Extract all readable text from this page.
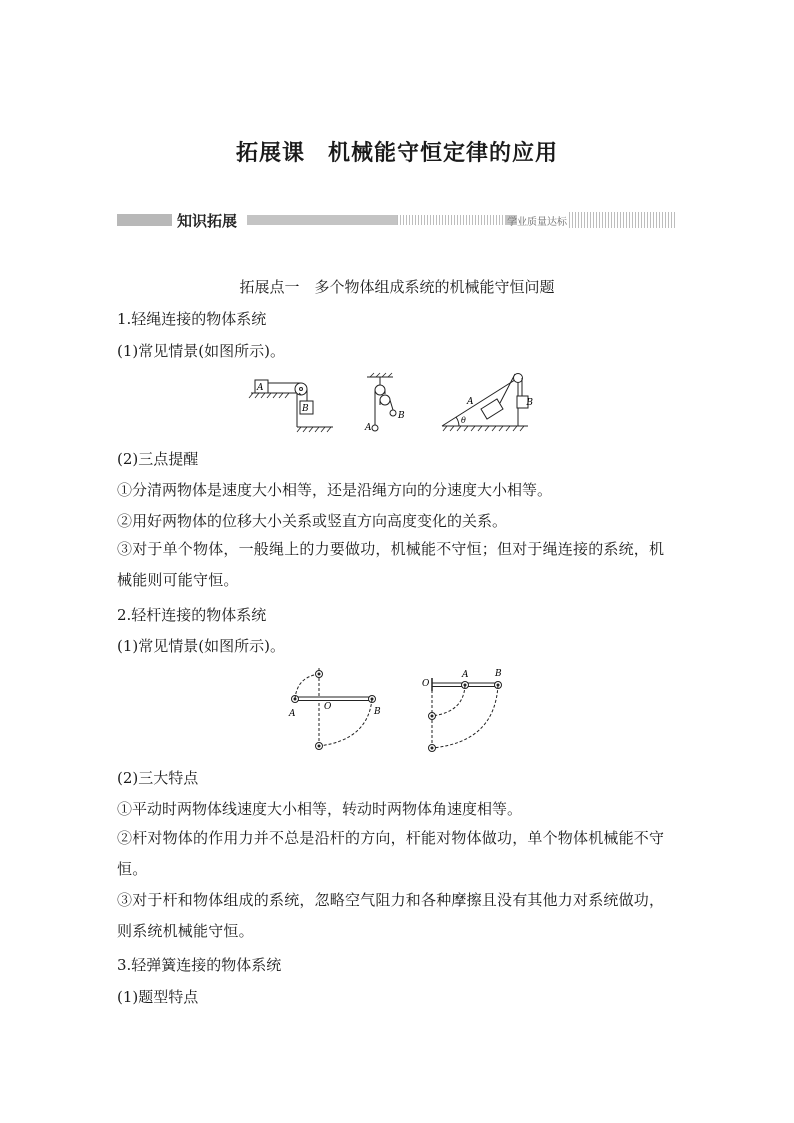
拓展课　机械能守恒定律的应用
知识拓展	学业质量达标
拓展点一　多个物体组成系统的机械能守恒问题
1.轻绳连接的物体系统
(1)常见情景(如图所示)。
A
B
A
B
A	B
θ
(2)三点提醒
①分清两物体是速度大小相等，还是沿绳方向的分速度大小相等。
②用好两物体的位移大小关系或竖直方向高度变化的关系。
③对于单个物体，一般绳上的力要做功，机械能不守恒；但对于绳连接的系统，机械能则可能守恒。
2.轻杆连接的物体系统
(1)常见情景(如图所示)。
A
O	B
O
A	B
(2)三大特点
①平动时两物体线速度大小相等，转动时两物体角速度相等。
②杆对物体的作用力并不总是沿杆的方向，杆能对物体做功，单个物体机械能不守恒。
③对于杆和物体组成的系统，忽略空气阻力和各种摩擦且没有其他力对系统做功，则系统机械能守恒。
3.轻弹簧连接的物体系统
(1)题型特点
